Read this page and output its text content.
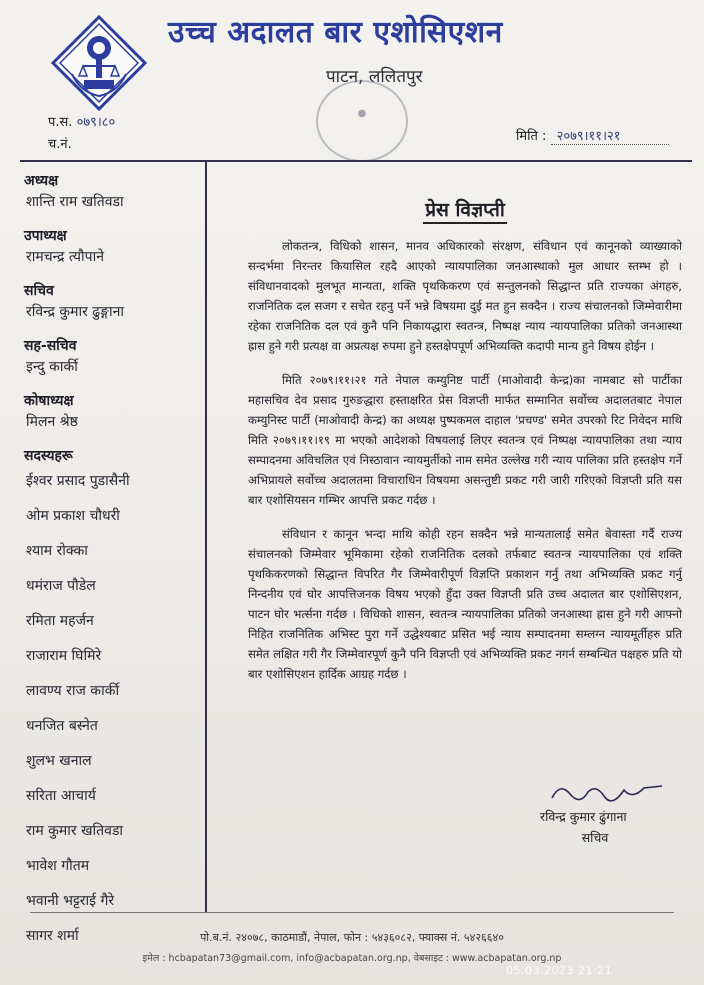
उच्च अदालत बार एशोसिएशन
पाटन, ललितपुर
●
प.स. ०७९।८०
च.नं.
मिति : २०७९।११।२१
अध्यक्ष
शान्ति राम खतिवडा
उपाध्यक्ष
रामचन्द्र त्यौपाने
सचिव
रविन्द्र कुमार ढुङ्गाना
सह-सचिव
इन्दु कार्की
कोषाध्यक्ष
मिलन श्रेष्ठ
सदस्यहरू
ईश्वर प्रसाद पुडासैनी
ओम प्रकाश चौधरी
श्याम रोक्का
धमंराज पौडेल
रमिता महर्जन
राजाराम घिमिरे
लावण्य राज कार्की
धनजित बस्नेत
शुलभ खनाल
सरिता आचार्य
राम कुमार खतिवडा
भावेश गौतम
भवानी भट्टराई गैरे
सागर शर्मा
प्रेस विज्ञप्ती

लोकतन्त्र, विधिको शासन, मानव अधिकारको संरक्षण, संविधान एवं कानूनको व्याख्याको सन्दर्भमा निरन्तर कियासिल रहदै आएको न्यायपालिका जनआस्थाको मुल आधार स्तम्भ हो । संविधानवादको मुलभूत मान्यता, शक्ति पृथकिकरण एवं सन्तुलनको सिद्धान्त प्रति राज्यका अंगहरु, राजनितिक दल सजग र सचेत रहनु पर्ने भन्ने विषयमा दुई मत हुन सक्दैन । राज्य संचालनको जिम्मेवारीमा रहेका राजनितिक दल एवं कुनै पनि निकायद्धारा स्वतन्त्र, निष्पक्ष न्याय न्यायपालिका प्रतिको जनआस्था ह्रास हुने गरी प्रत्यक्ष वा अप्रत्यक्ष रुपमा हुने हस्तक्षेपपूर्ण अभिव्यक्ति कदापी मान्य हुने विषय होईन ।

मिति २०७९।११।२१ गते नेपाल कम्युनिष्ट पार्टी (माओवादी केन्द्र)का नामबाट सो पार्टीका महासचिव देव प्रसाद गुरुङद्धारा हस्ताक्षरित प्रेस विज्ञप्ती मार्फत सम्मानित सर्वोच्च अदालतबाट नेपाल कम्युनिस्ट पार्टी (माओवादी केन्द्र) का अध्यक्ष पुष्पकमल दाहाल 'प्रचण्ड' समेत उपरको रिट निवेदन माथि मिति २०७९।११।१९ मा भएको आदेशको विषयलाई लिएर स्वतन्त्र एवं निष्पक्ष न्यायपालिका तथा न्याय सम्पादनमा अविचलित एवं निस्ठावान न्यायमुर्तीको नाम समेत उल्लेख गरी न्याय पालिका प्रति हस्तक्षेप गर्ने अभिप्रायले सर्वोच्च अदालतमा विचाराधिन विषयमा असन्तुष्टी प्रकट गरी जारी गरिएको विज्ञप्ती प्रति यस बार एशोसियसन गम्भिर आपत्ति प्रकट गर्दछ ।

संविधान र कानून भन्दा माथि कोही रहन सक्दैन भन्ने मान्यतालाई समेत बेवास्ता गर्दै राज्य संचालनको जिम्मेवार भूमिकामा रहेको राजनितिक दलको तर्फबाट स्वतन्त्र न्यायपालिका एवं शक्ति पृथकिकरणको सिद्धान्त विपरित गैर जिम्मेवारीपूर्ण विज्ञप्ति प्रकाशन गर्नु तथा अभिव्यक्ति प्रकट गर्नु निन्दनीय एवं घोर आपत्तिजनक विषय भएको हुँदा उक्त विज्ञप्ती प्रति उच्च अदालत बार एशोसिएशन, पाटन घोर भर्त्सना गर्दछ । विधिको शासन, स्वतन्त्र न्यायपालिका प्रतिको जनआस्था ह्रास हुने गरी आफ्नो निहित राजनितिक अभिस्ट पुरा गर्ने उद्धेश्यबाट प्रसित भई न्याय सम्पादनमा सम्लग्न न्यायमूर्तीहरु प्रति समेत लक्षित गरी गैर जिम्मेवारपूर्ण कुनै पनि विज्ञप्ती एवं अभिव्यक्ति प्रकट नगर्न सम्बन्धित पक्षहरु प्रति यो बार एशोसिएशन हार्दिक आग्रह गर्दछ ।

रविन्द्र कुमार ढुंगाना
सचिव
पो.ब.नं. २४०७८, काठमाडौं, नेपाल, फोन : ५४३६०८२, फ्याक्स नं. ५४२६६४०
इमेल : hcbapatan73@gmail.com, info@acbapatan.org.np, वेबसाइट : www.acbapatan.org.np
05.03.2023 21:21
